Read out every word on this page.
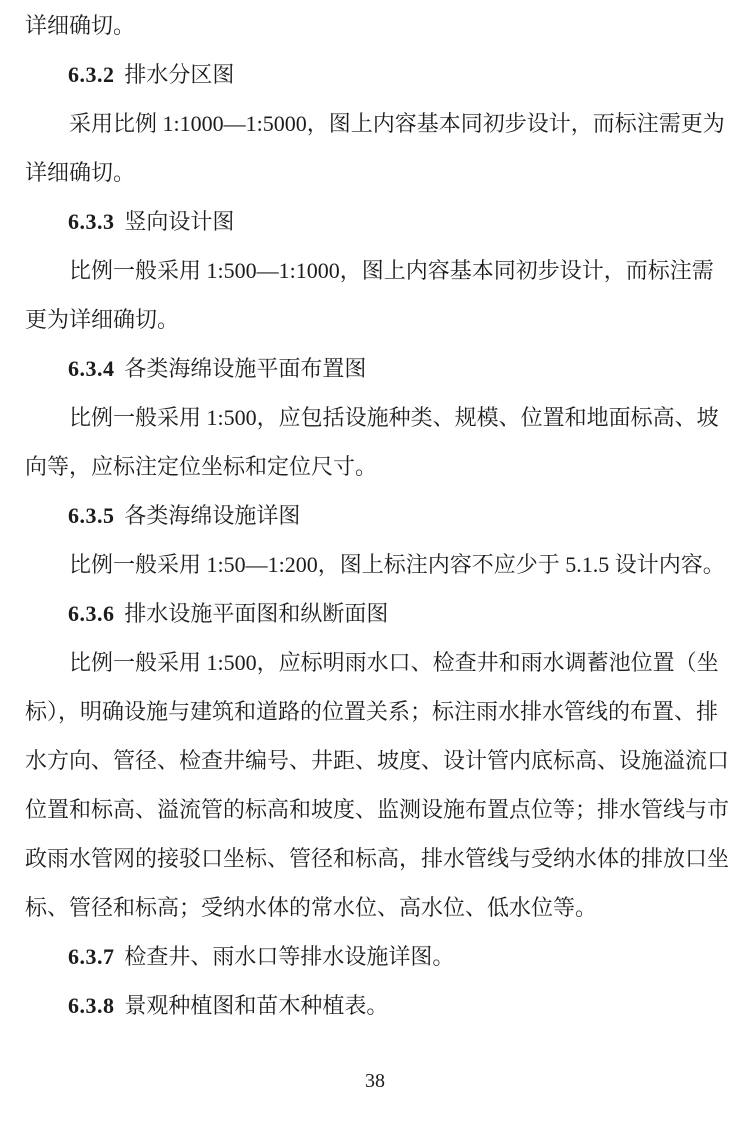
详细确切。
6.3.2 排水分区图
采用比例 1:1000—1:5000，图上内容基本同初步设计，而标注需更为
详细确切。
6.3.3 竖向设计图
比例一般采用 1:500—1:1000，图上内容基本同初步设计，而标注需
更为详细确切。
6.3.4 各类海绵设施平面布置图
比例一般采用 1:500，应包括设施种类、规模、位置和地面标高、坡
向等，应标注定位坐标和定位尺寸。
6.3.5 各类海绵设施详图
比例一般采用 1:50—1:200，图上标注内容不应少于 5.1.5 设计内容。
6.3.6 排水设施平面图和纵断面图
比例一般采用 1:500，应标明雨水口、检查井和雨水调蓄池位置（坐
标），明确设施与建筑和道路的位置关系；标注雨水排水管线的布置、排
水方向、管径、检查井编号、井距、坡度、设计管内底标高、设施溢流口
位置和标高、溢流管的标高和坡度、监测设施布置点位等；排水管线与市
政雨水管网的接驳口坐标、管径和标高，排水管线与受纳水体的排放口坐
标、管径和标高；受纳水体的常水位、高水位、低水位等。
6.3.7 检查井、雨水口等排水设施详图。
6.3.8 景观种植图和苗木种植表。
38
